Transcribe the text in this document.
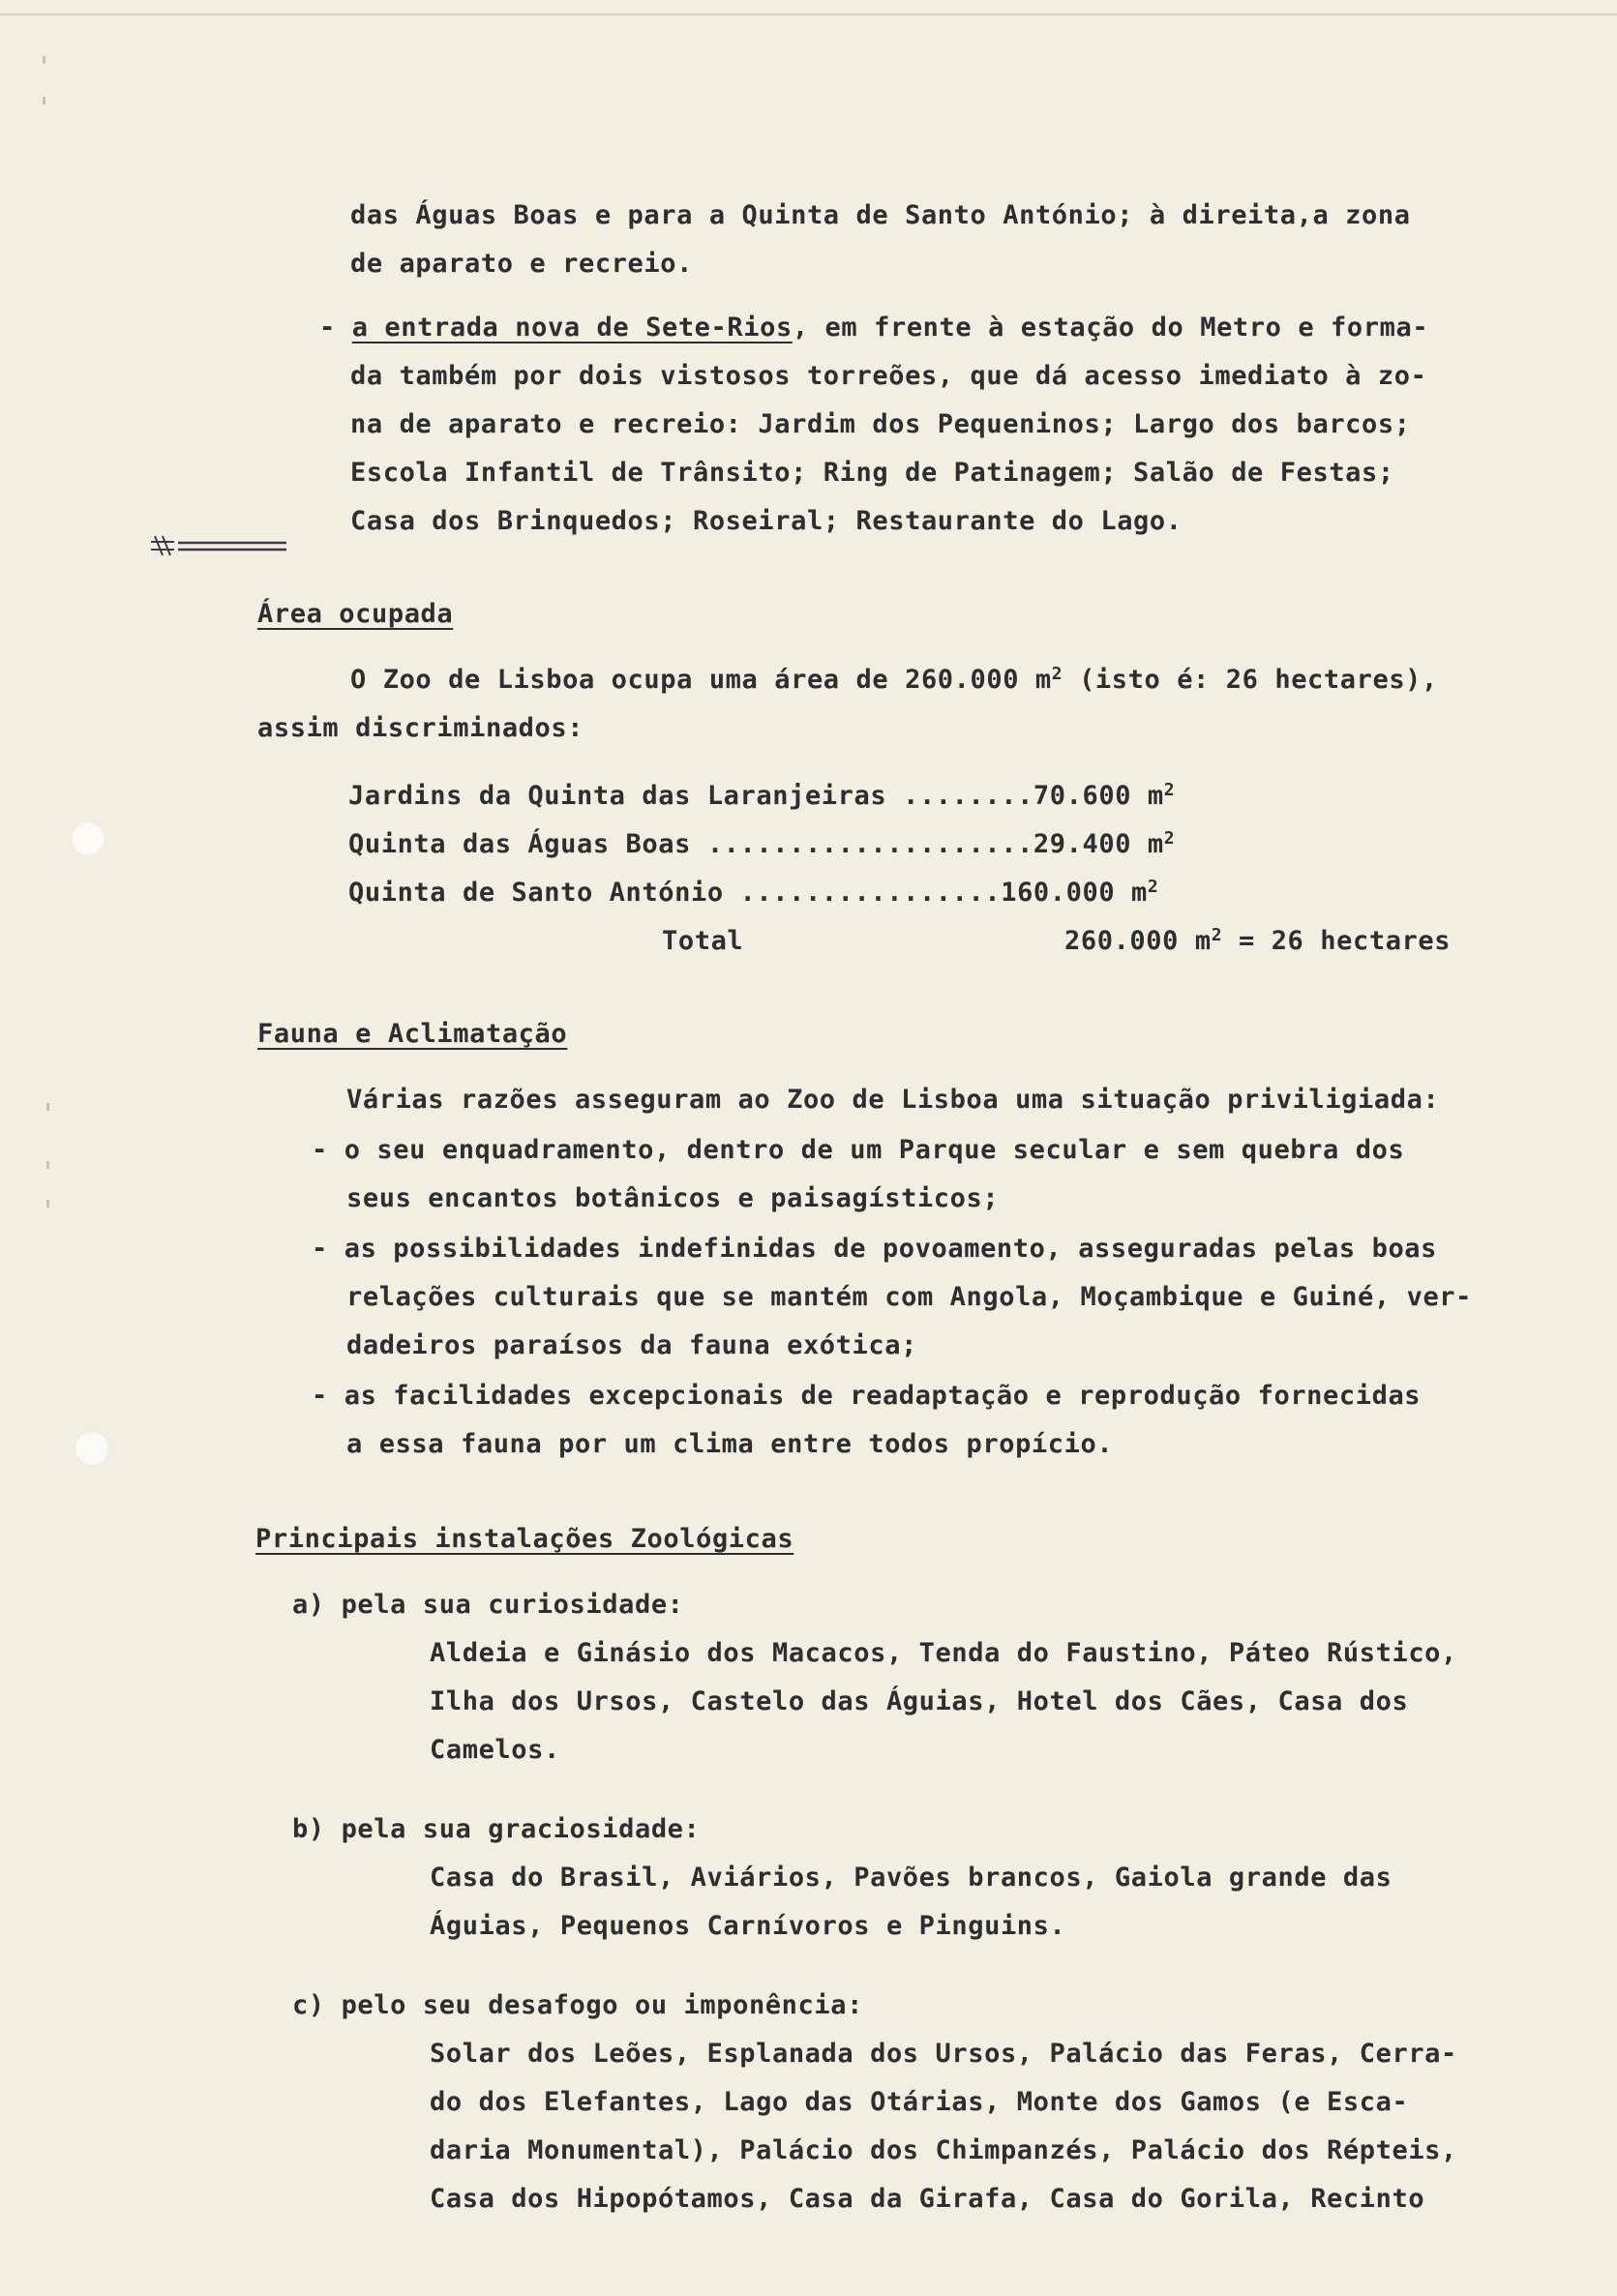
das Águas Boas e para a Quinta de Santo António; à direita,a zona
de aparato e recreio.
- a entrada nova de Sete-Rios, em frente à estação do Metro e forma-
da também por dois vistosos torreões, que dá acesso imediato à zo-
na de aparato e recreio: Jardim dos Pequeninos; Largo dos barcos;
Escola Infantil de Trânsito; Ring de Patinagem; Salão de Festas;
Casa dos Brinquedos; Roseiral; Restaurante do Lago.
Área ocupada
O Zoo de Lisboa ocupa uma área de 260.000 $m^2$ (isto é: 26 hectares),
assim discriminados:
Jardins da Quinta das Laranjeiras ........70.600 $m^2$
Quinta das Águas Boas ....................29.400 $m^2$
Quinta de Santo António ................160.000 $m^2$
Total	260.000 $m^2 = 26$ hectares
Fauna e Aclimatação
Várias razões asseguram ao Zoo de Lisboa uma situação priviligiada:
- o seu enquadramento, dentro de um Parque secular e sem quebra dos
seus encantos botânicos e paisagísticos;
- as possibilidades indefinidas de povoamento, asseguradas pelas boas
relações culturais que se mantém com Angola, Moçambique e Guiné, ver-
dadeiros paraísos da fauna exótica;
- as facilidades excepcionais de readaptação e reprodução fornecidas
a essa fauna por um clima entre todos propício.
Principais instalações Zoológicas
a) pela sua curiosidade:
Aldeia e Ginásio dos Macacos, Tenda do Faustino, Páteo Rústico,
Ilha dos Ursos, Castelo das Águias, Hotel dos Cães, Casa dos
Camelos.
b) pela sua graciosidade:
Casa do Brasil, Aviários, Pavões brancos, Gaiola grande das
Águias, Pequenos Carnívoros e Pinguins.
c) pelo seu desafogo ou imponência:
Solar dos Leões, Esplanada dos Ursos, Palácio das Feras, Cerra-
do dos Elefantes, Lago das Otárias, Monte dos Gamos (e Esca-
daria Monumental), Palácio dos Chimpanzés, Palácio dos Répteis,
Casa dos Hipopótamos, Casa da Girafa, Casa do Gorila, Recinto
